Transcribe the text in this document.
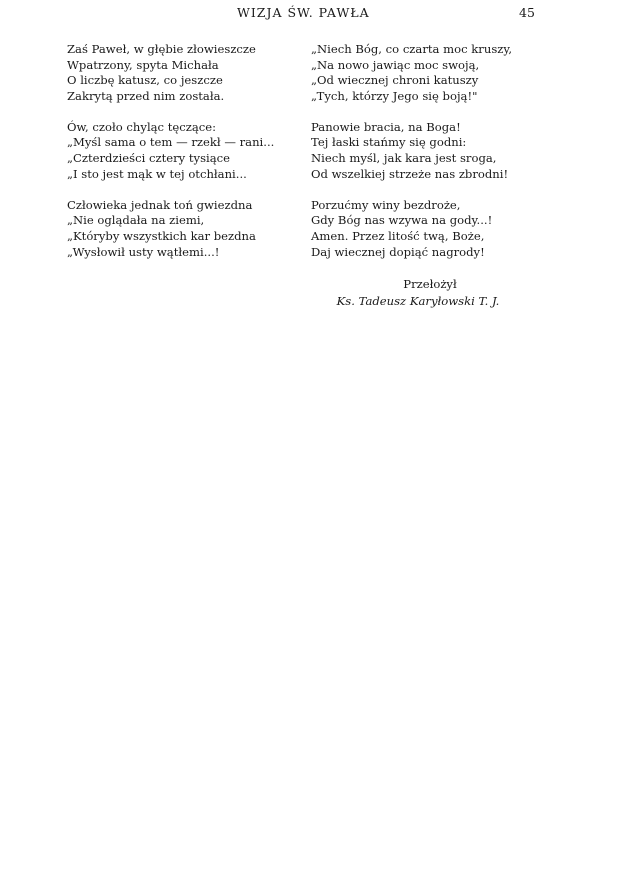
WIZJA ŚW. PAWŁA	45
Zaś Paweł, w głębie złowieszcze
Wpatrzony, spyta Michała
O liczbę katusz, co jeszcze
Zakrytą przed nim została.
Ów, czoło chyląc tęczące:
„Myśl sama o tem — rzekł — rani...
„Czterdzieści cztery tysiące
„I sto jest mąk w tej otchłani...
Człowieka jednak toń gwiezdna
„Nie oglądała na ziemi,
„Któryby wszystkich kar bezdna
„Wysłowił usty wątłemi...!
„Niech Bóg, co czarta moc kruszy,
„Na nowo jawiąc moc swoją,
„Od wiecznej chroni katuszy
„Tych, którzy Jego się boją!"
Panowie bracia, na Boga!
Tej łaski stańmy się godni:
Niech myśl, jak kara jest sroga,
Od wszelkiej strzeże nas zbrodni!
Porzućmy winy bezdroże,
Gdy Bóg nas wzywa na gody...!
Amen. Przez litość twą, Boże,
Daj wiecznej dopiąć nagrody!
Przełożył
Ks. Tadeusz Karyłowski T. J.
